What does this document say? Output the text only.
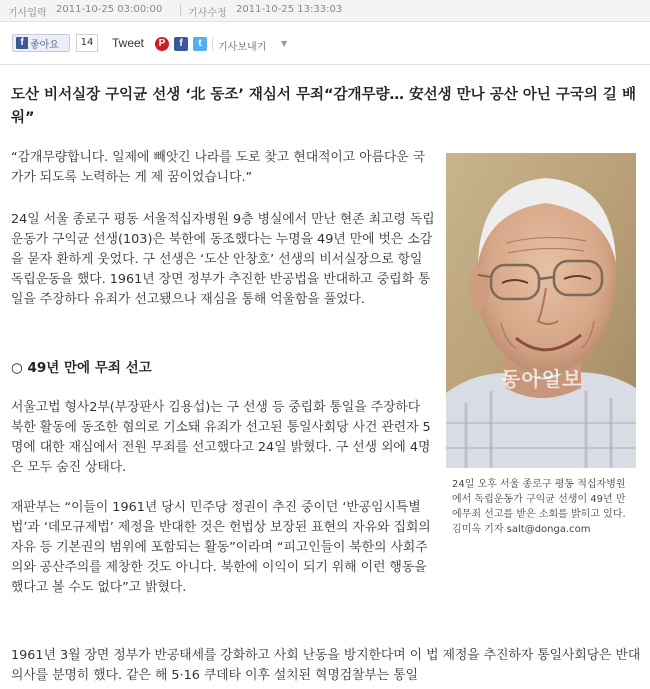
기사입력 2011-10-25 03:00:00	기사수정 2011-10-25 13:33:03
f 좋아요	14	Tweet	P	f	t	기사보내기 ▼
도산 비서실장 구익균 선생 ‘北 동조’ 재심서 무죄“감개무량… 安선생 만나 공산 아닌 구국의 길 배워”

“감개무량합니다. 일제에 빼앗긴 나라를 도로 찾고 현대적이고 아름다운 국가가 되도록 노력하는 게 제 꿈이었습니다.”

24일 서울 종로구 평동 서울적십자병원 9층 병실에서 만난 현존 최고령 독립운동가 구익균 선생(103)은 북한에 동조했다는 누명을 49년 만에 벗은 소감을 묻자 환하게 웃었다. 구 선생은 ‘도산 안창호’ 선생의 비서실장으로 항일 독립운동을 했다. 1961년 장면 정부가 추진한 반공법을 반대하고 중립화 통일을 주장하다 유죄가 선고됐으나 재심을 통해 억울함을 풀었다.

○ 49년 만에 무죄 선고

서울고법 형사2부(부장판사 김용섭)는 구 선생 등 중립화 통일을 주장하다 북한 활동에 동조한 혐의로 기소돼 유죄가 선고된 통일사회당 사건 관련자 5명에 대한 재심에서 전원 무죄를 선고했다고 24일 밝혔다. 구 선생 외에 4명은 모두 숨진 상태다.

재판부는 “이들이 1961년 당시 민주당 정권이 추진 중이던 ‘반공임시특별법’과 ‘데모규제법’ 제정을 반대한 것은 헌법상 보장된 표현의 자유와 집회의 자유 등 기본권의 범위에 포함되는 활동”이라며 “피고인들이 북한의 사회주의와 공산주의를 제창한 것도 아니다. 북한에 이익이 되기 위해 이런 행동을 했다고 볼 수도 없다”고 밝혔다.

1961년 3월 장면 정부가 반공태세를 강화하고 사회 난동을 방지한다며 이 법 제정을 추진하자 통일사회당은 반대의사를 분명히 했다. 같은 해 5·16 쿠데타 이후 설치된 혁명검찰부는 통일

동아일보

24일 오후 서울 종로구 평동 적십자병원에서 독립운동가 구익균 선생이 49년 만에무죄 선고를 받은 소회를 밝히고 있다. 김미옥 기자 salt@donga.com
